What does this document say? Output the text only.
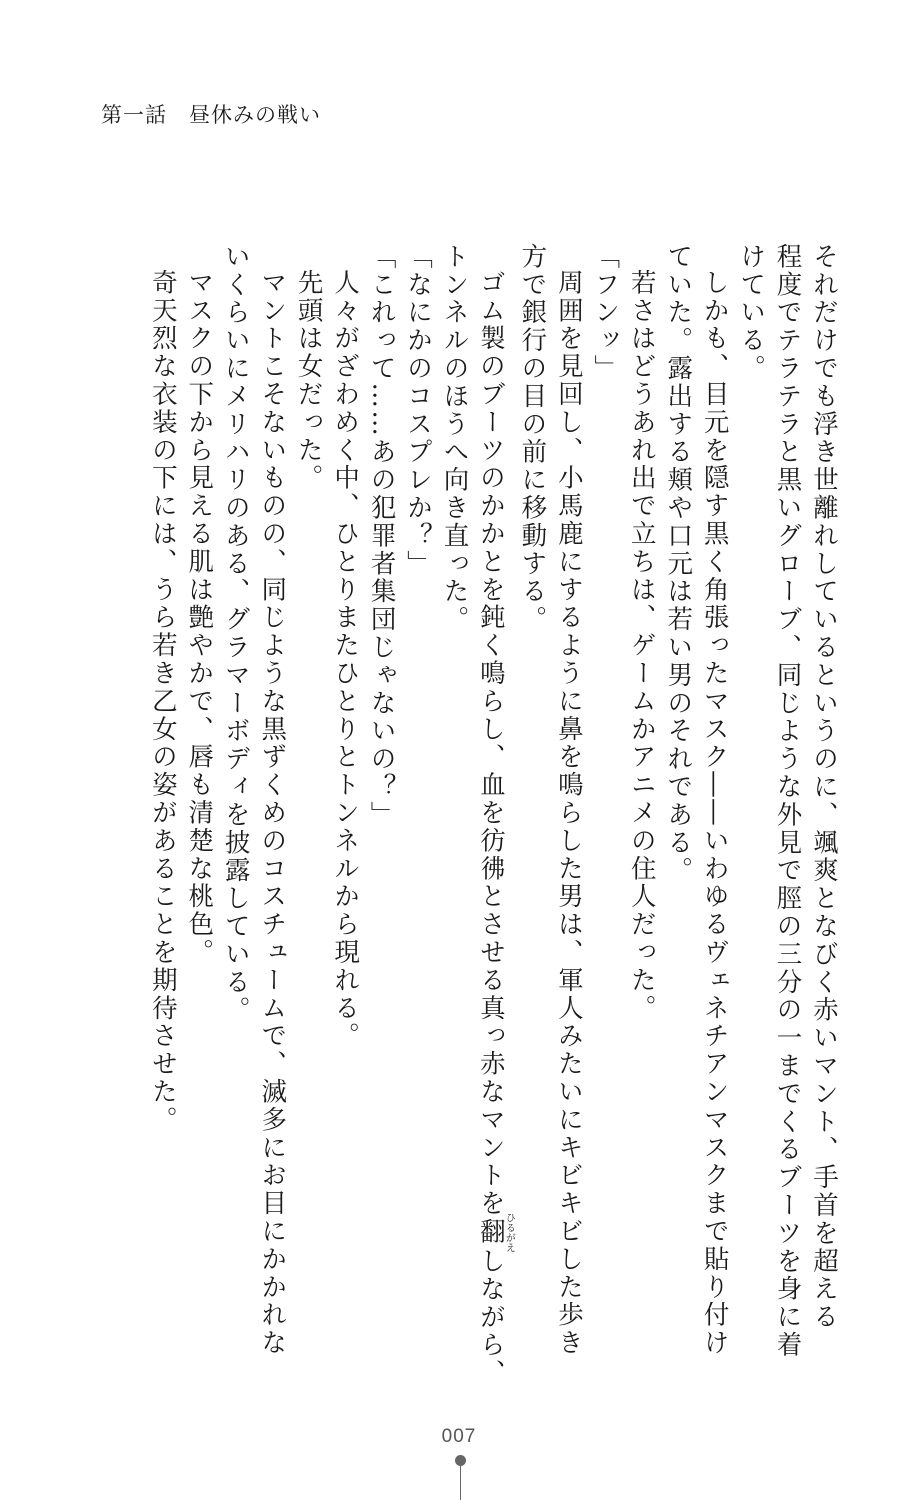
第一話　昼休みの戦い
それだけでも浮き世離れしているというのに、颯爽となびく赤いマント、手首を超える
程度でテラテラと黒いグローブ、同じような外見で脛の三分の一までくるブーツを身に着
けている。
しかも、目元を隠す黒く角張ったマスク――いわゆるヴェネチアンマスクまで貼り付け
ていた。露出する頬や口元は若い男のそれである。
若さはどうあれ出で立ちは、ゲームかアニメの住人だった。
「フンッ」
周囲を見回し、小馬鹿にするように鼻を鳴らした男は、軍人みたいにキビキビした歩き
方で銀行の目の前に移動する。
ゴム製のブーツのかかとを鈍く鳴らし、血を彷彿とさせる真っ赤なマントを翻ひるがえしながら、
トンネルのほうへ向き直った。
「なにかのコスプレか？」
「これって……あの犯罪者集団じゃないの？」
人々がざわめく中、ひとりまたひとりとトンネルから現れる。
先頭は女だった。
マントこそないものの、同じような黒ずくめのコスチュームで、滅多にお目にかかれな
いくらいにメリハリのある、グラマーボディを披露している。
マスクの下から見える肌は艶やかで、唇も清楚な桃色。
奇天烈な衣装の下には、うら若き乙女の姿があることを期待させた。
007
